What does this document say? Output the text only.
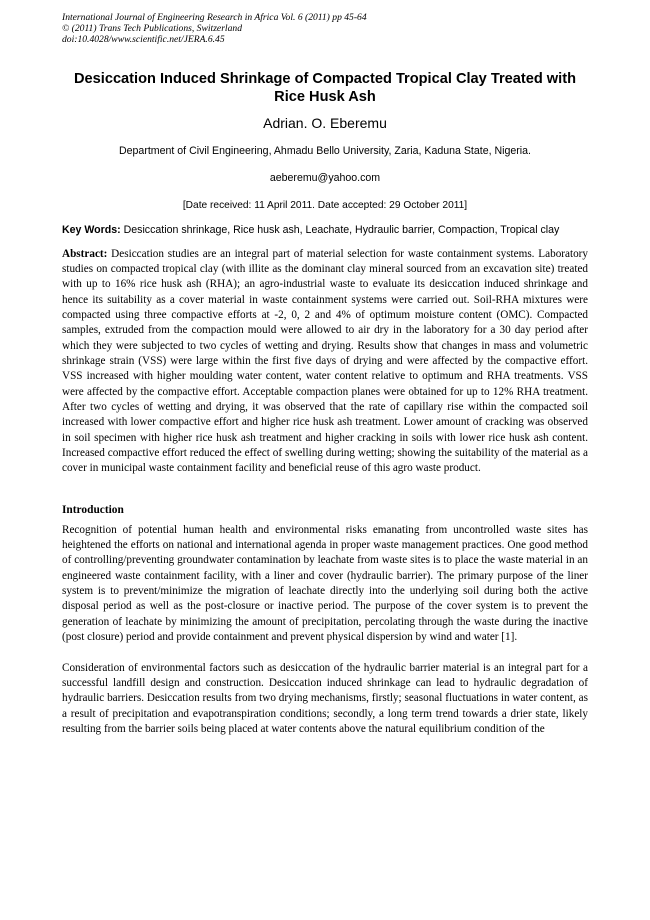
International Journal of Engineering Research in Africa Vol. 6 (2011) pp 45-64
© (2011) Trans Tech Publications, Switzerland
doi:10.4028/www.scientific.net/JERA.6.45
Desiccation Induced Shrinkage of Compacted Tropical Clay Treated with Rice Husk Ash
Adrian. O. Eberemu
Department of Civil Engineering, Ahmadu Bello University, Zaria, Kaduna State, Nigeria.
aeberemu@yahoo.com
[Date received: 11 April 2011. Date accepted: 29 October 2011]
Key Words: Desiccation shrinkage, Rice husk ash, Leachate, Hydraulic barrier, Compaction, Tropical clay
Abstract: Desiccation studies are an integral part of material selection for waste containment systems. Laboratory studies on compacted tropical clay (with illite as the dominant clay mineral sourced from an excavation site) treated with up to 16% rice husk ash (RHA); an agro-industrial waste to evaluate its desiccation induced shrinkage and hence its suitability as a cover material in waste containment systems were carried out. Soil-RHA mixtures were compacted using three compactive efforts at -2, 0, 2 and 4% of optimum moisture content (OMC). Compacted samples, extruded from the compaction mould were allowed to air dry in the laboratory for a 30 day period after which they were subjected to two cycles of wetting and drying. Results show that changes in mass and volumetric shrinkage strain (VSS) were large within the first five days of drying and were affected by the compactive effort. VSS increased with higher moulding water content, water content relative to optimum and RHA treatments. VSS were affected by the compactive effort. Acceptable compaction planes were obtained for up to 12% RHA treatment. After two cycles of wetting and drying, it was observed that the rate of capillary rise within the compacted soil increased with lower compactive effort and higher rice husk ash treatment. Lower amount of cracking was observed in soil specimen with higher rice husk ash treatment and higher cracking in soils with lower rice husk ash content. Increased compactive effort reduced the effect of swelling during wetting; showing the suitability of the material as a cover in municipal waste containment facility and beneficial reuse of this agro waste product.
Introduction
Recognition of potential human health and environmental risks emanating from uncontrolled waste sites has heightened the efforts on national and international agenda in proper waste management practices. One good method of controlling/preventing groundwater contamination by leachate from waste sites is to place the waste material in an engineered waste containment facility, with a liner and cover (hydraulic barrier). The primary purpose of the liner system is to prevent/minimize the migration of leachate directly into the underlying soil during both the active disposal period as well as the post-closure or inactive period. The purpose of the cover system is to prevent the generation of leachate by minimizing the amount of precipitation, percolating through the waste during the inactive (post closure) period and provide containment and prevent physical dispersion by wind and water [1].
Consideration of environmental factors such as desiccation of the hydraulic barrier material is an integral part for a successful landfill design and construction. Desiccation induced shrinkage can lead to hydraulic degradation of hydraulic barriers. Desiccation results from two drying mechanisms, firstly; seasonal fluctuations in water content, as a result of precipitation and evapotranspiration conditions; secondly, a long term trend towards a drier state, likely resulting from the barrier soils being placed at water contents above the natural equilibrium condition of the
